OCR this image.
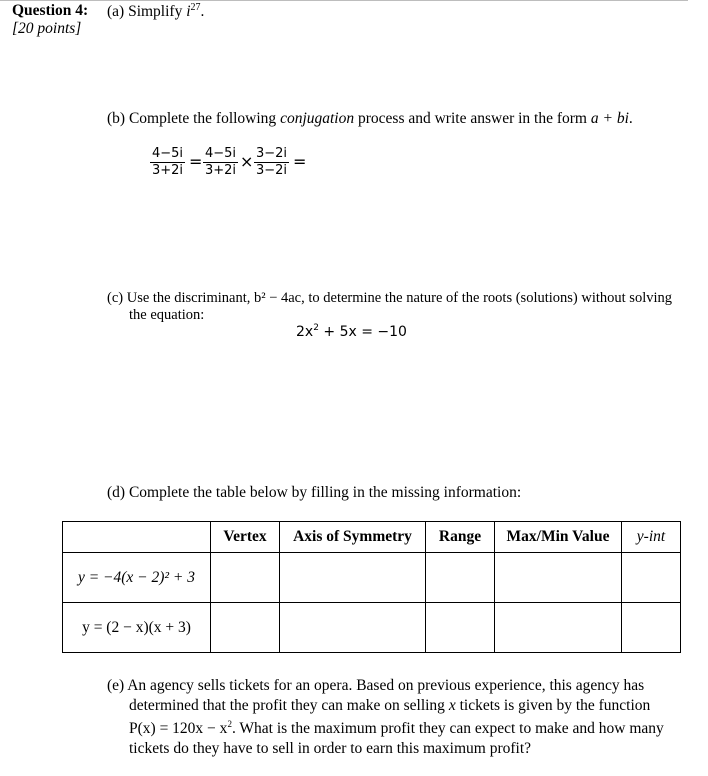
Question 4:
[20 points]
(a) Simplify $i^{27}$.
(b) Complete the following conjugation process and write answer in the form a + bi.
$\frac{4-5i}{3+2i} = \frac{4-5i}{3+2i} \times \frac{3-2i}{3-2i}$ =
(c) Use the discriminant, b² − 4ac, to determine the nature of the roots (solutions) without solving
the equation:
$2x^2 + 5x = -10$
(d) Complete the table below by filling in the missing information:
	Vertex	Axis of Symmetry	Range	Max/Min Value	y-int
y = −4(x − 2)² + 3					
y = (2 − x)(x + 3)					
(e) An agency sells tickets for an opera. Based on previous experience, this agency has
determined that the profit they can make on selling x tickets is given by the function
$P(x) = 120x - x^2$. What is the maximum profit they can expect to make and how many
tickets do they have to sell in order to earn this maximum profit?
